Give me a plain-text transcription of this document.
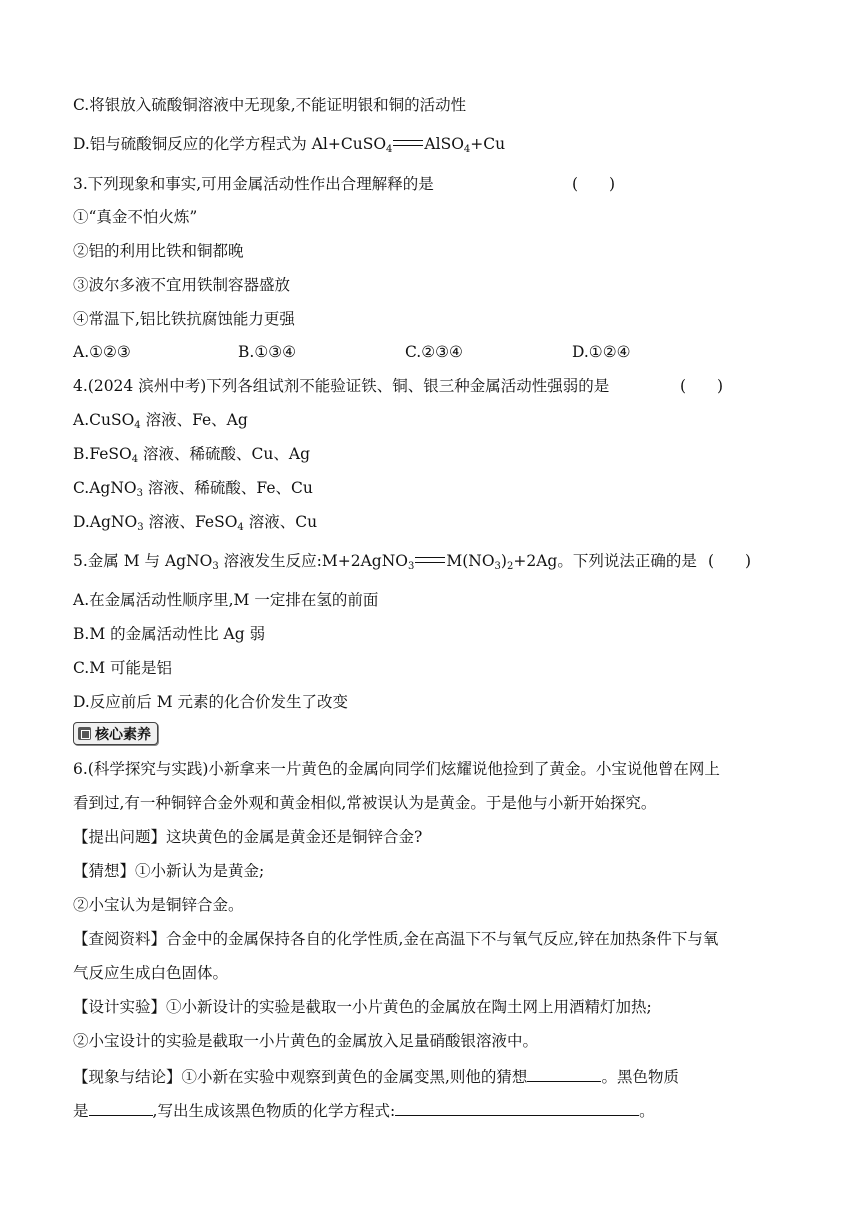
C.将银放入硫酸铜溶液中无现象,不能证明银和铜的活动性
D.铝与硫酸铜反应的化学方程式为 Al+CuSO$_4$ AlSO$_4$+Cu
3.下列现象和事实,可用金属活动性作出合理解释的是	(　　)
①“真金不怕火炼”
②铝的利用比铁和铜都晚
③波尔多液不宜用铁制容器盛放
④常温下,铝比铁抗腐蚀能力更强
A.①②③	B.①③④	C.②③④	D.①②④
4.(2024 滨州中考)下列各组试剂不能验证铁、铜、银三种金属活动性强弱的是	(　　)
A.CuSO$_4$ 溶液、Fe、Ag
B.FeSO$_4$ 溶液、稀硫酸、Cu、Ag
C.AgNO$_3$ 溶液、稀硫酸、Fe、Cu
D.AgNO$_3$ 溶液、FeSO$_4$ 溶液、Cu
5.金属 M 与 AgNO$_3$ 溶液发生反应:M+2AgNO$_3$ $M(NO_3)_2+2Ag$。下列说法正确的是 (　　)
A.在金属活动性顺序里,M 一定排在氢的前面
B.M 的金属活动性比 Ag 弱
C.M 可能是铝
D.反应前后 M 元素的化合价发生了改变
核心素养
6.(科学探究与实践)小新拿来一片黄色的金属向同学们炫耀说他捡到了黄金。小宝说他曾在网上
看到过,有一种铜锌合金外观和黄金相似,常被误认为是黄金。于是他与小新开始探究。
【提出问题】这块黄色的金属是黄金还是铜锌合金?
【猜想】①小新认为是黄金;
②小宝认为是铜锌合金。
【查阅资料】合金中的金属保持各自的化学性质,金在高温下不与氧气反应,锌在加热条件下与氧
气反应生成白色固体。
【设计实验】①小新设计的实验是截取一小片黄色的金属放在陶土网上用酒精灯加热;
②小宝设计的实验是截取一小片黄色的金属放入足量硝酸银溶液中。
【现象与结论】①小新在实验中观察到黄色的金属变黑,则他的猜想	。黑色物质
是	,写出生成该黑色物质的化学方程式:	。
